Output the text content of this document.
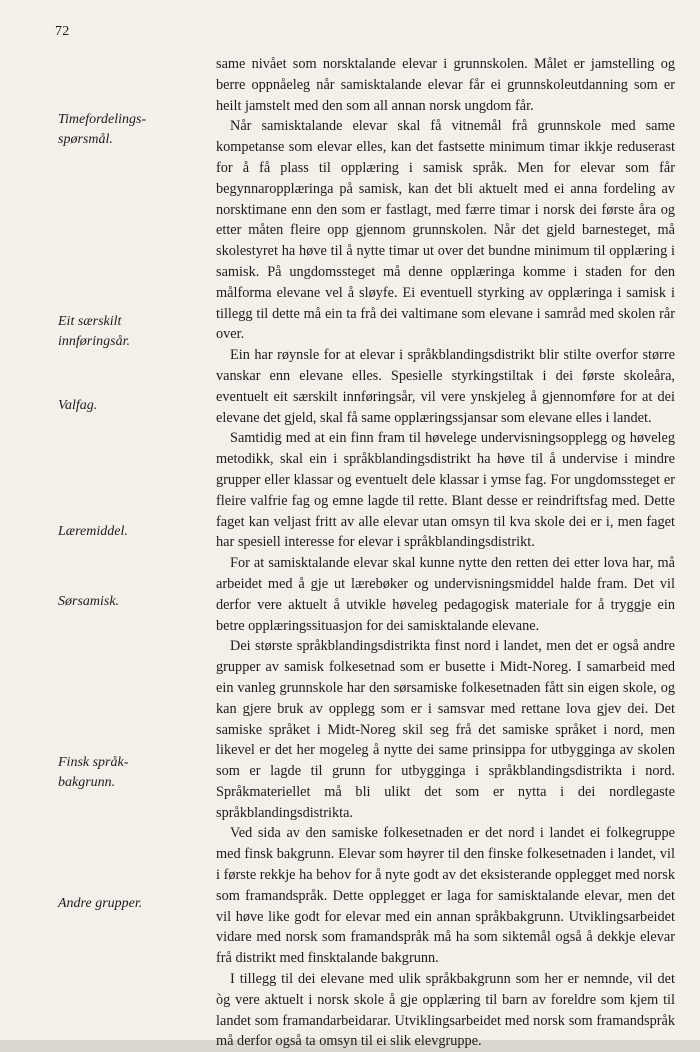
72
Timefordelings-
spørsmål.
Eit særskilt
innføringsår.
Valfag.
Læremiddel.
Sørsamisk.
Finsk språk-
bakgrunn.
Andre grupper.

same nivået som norsktalande elevar i grunnskolen. Målet er jamstelling og berre oppnåeleg når samisktalande elevar får ei grunnskoleutdanning som er heilt jamstelt med den som all annan norsk ungdom får.

Når samisktalande elevar skal få vitnemål frå grunnskole med same kompetanse som elevar elles, kan det fastsette minimum timar ikkje reduserast for å få plass til opplæring i samisk språk. Men for elevar som får begynnaropplæringa på samisk, kan det bli aktuelt med ei anna fordeling av norsktimane enn den som er fastlagt, med færre timar i norsk dei første åra og etter måten fleire opp gjennom grunnskolen. Når det gjeld barnesteget, må skolestyret ha høve til å nytte timar ut over det bundne minimum til opplæring i samisk. På ungdomssteget må denne opplæringa komme i staden for den målforma elevane vel å sløyfe. Ei eventuell styrking av opplæringa i samisk i tillegg til dette må ein ta frå dei valtimane som elevane i samråd med skolen rår over.

Ein har røynsle for at elevar i språkblandingsdistrikt blir stilte overfor større vanskar enn elevane elles. Spesielle styrkingstiltak i dei første skoleåra, eventuelt eit særskilt innføringsår, vil vere ynskjeleg å gjennomføre for at dei elevane det gjeld, skal få same opplæringssjansar som elevane elles i landet.

Samtidig med at ein finn fram til høvelege undervisningsopplegg og høveleg metodikk, skal ein i språkblandingsdistrikt ha høve til å undervise i mindre grupper eller klassar og eventuelt dele klassar i ymse fag. For ungdomssteget er fleire valfrie fag og emne lagde til rette. Blant desse er reindriftsfag med. Dette faget kan veljast fritt av alle elevar utan omsyn til kva skole dei er i, men faget har spesiell interesse for elevar i språkblandingsdistrikt.

For at samisktalande elevar skal kunne nytte den retten dei etter lova har, må arbeidet med å gje ut lærebøker og undervisningsmiddel halde fram. Det vil derfor vere aktuelt å utvikle høveleg pedagogisk materiale for å tryggje ein betre opplæringssituasjon for dei samisktalande elevane.

Dei største språkblandingsdistrikta finst nord i landet, men det er også andre grupper av samisk folkesetnad som er busette i Midt-Noreg. I samarbeid med ein vanleg grunnskole har den sørsamiske folkesetnaden fått sin eigen skole, og kan gjere bruk av opplegg som er i samsvar med rettane lova gjev dei. Det samiske språket i Midt-Noreg skil seg frå det samiske språket i nord, men likevel er det her mogeleg å nytte dei same prinsippa for utbygginga av skolen som er lagde til grunn for utbygginga i språkblandingsdistrikta i nord. Språkmateriellet må bli ulikt det som er nytta i dei nordlegaste språkblandingsdistrikta.

Ved sida av den samiske folkesetnaden er det nord i landet ei folkegruppe med finsk bakgrunn. Elevar som høyrer til den finske folkesetnaden i landet, vil i første rekkje ha behov for å nyte godt av det eksisterande opplegget med norsk som framandspråk. Dette opplegget er laga for samisktalande elevar, men det vil høve like godt for elevar med ein annan språkbakgrunn. Utviklingsarbeidet vidare med norsk som framandspråk må ha som siktemål også å dekkje elevar frå distrikt med finsktalande bakgrunn.

I tillegg til dei elevane med ulik språkbakgrunn som her er nemnde, vil det òg vere aktuelt i norsk skole å gje opplæring til barn av foreldre som kjem til landet som framandarbeidarar. Utviklingsarbeidet med norsk som framandspråk må derfor også ta omsyn til ei slik elevgruppe.
